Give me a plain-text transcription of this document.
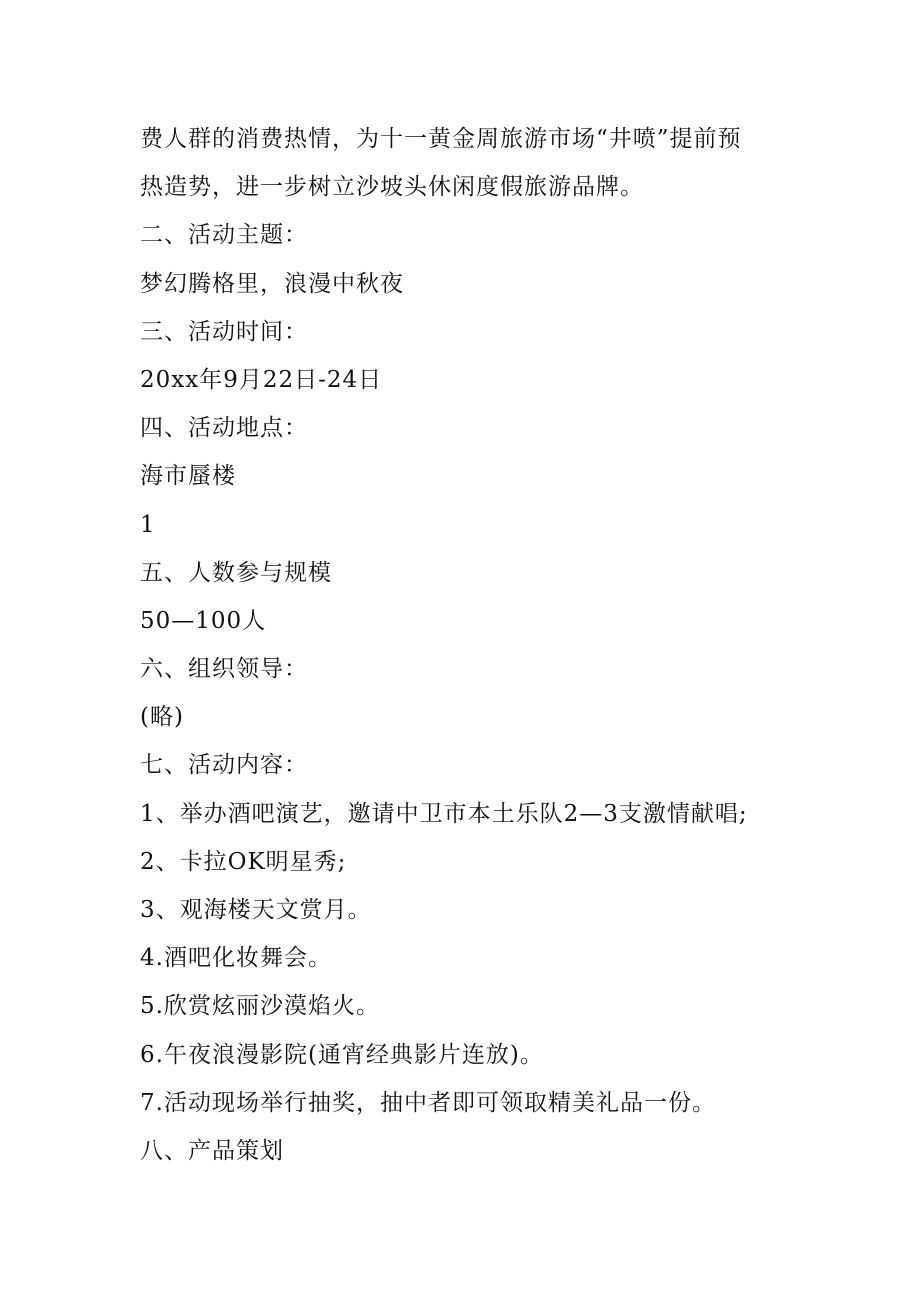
费人群的消费热情，为十一黄金周旅游市场“井喷”提前预
热造势，进一步树立沙坡头休闲度假旅游品牌。
二、活动主题：
梦幻腾格里，浪漫中秋夜
三、活动时间：
20xx年9月22日-24日
四、活动地点：
海市蜃楼
1
五、人数参与规模
50—100人
六、组织领导：
(略)
七、活动内容：
1、举办酒吧演艺，邀请中卫市本土乐队2—3支激情献唱;
2、卡拉OK明星秀;
3、观海楼天文赏月。
4.酒吧化妆舞会。
5.欣赏炫丽沙漠焰火。
6.午夜浪漫影院(通宵经典影片连放)。
7.活动现场举行抽奖，抽中者即可领取精美礼品一份。
八、产品策划
